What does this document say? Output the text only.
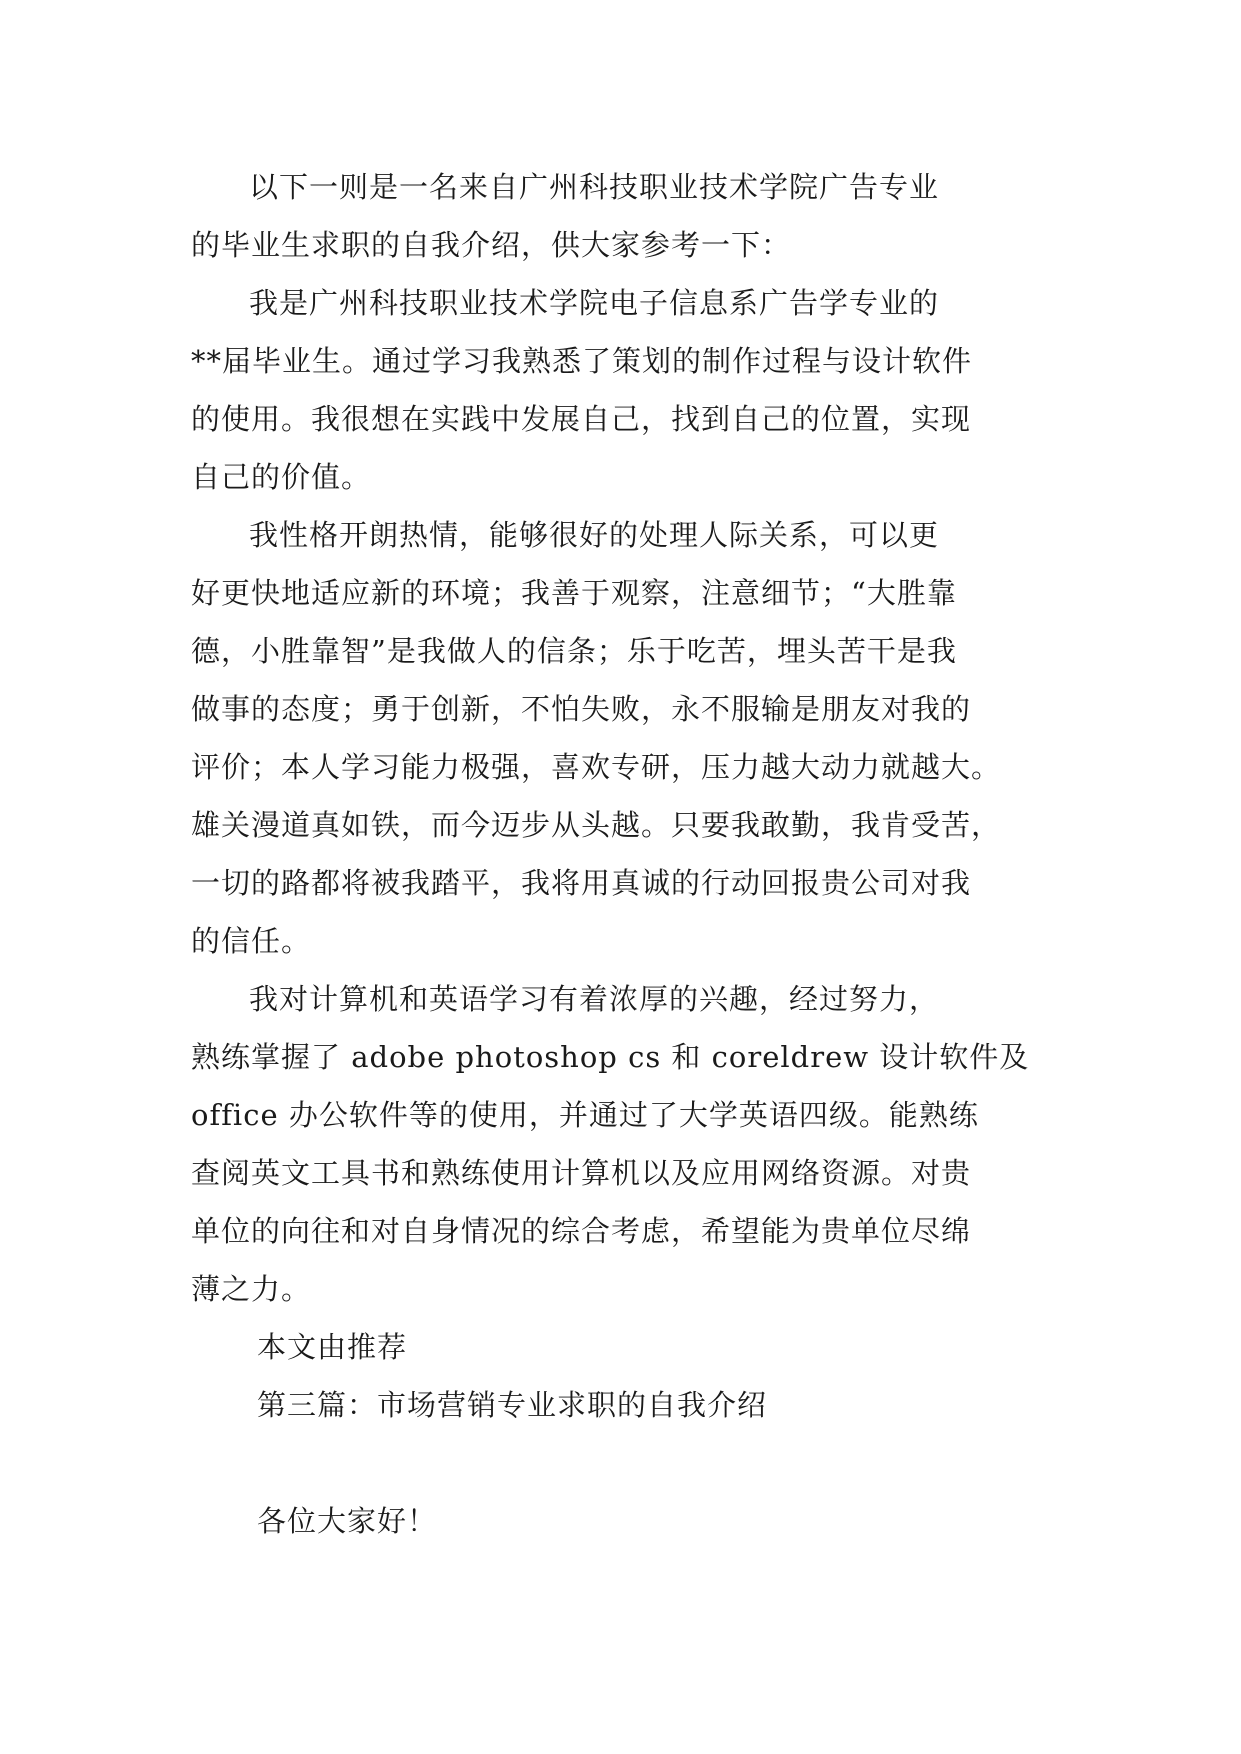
以下一则是一名来自广州科技职业技术学院广告专业

的毕业生求职的自我介绍，供大家参考一下：

我是广州科技职业技术学院电子信息系广告学专业的

**届毕业生。通过学习我熟悉了策划的制作过程与设计软件

的使用。我很想在实践中发展自己，找到自己的位置，实现

自己的价值。

我性格开朗热情，能够很好的处理人际关系，可以更

好更快地适应新的环境；我善于观察，注意细节；“大胜靠

德，小胜靠智”是我做人的信条；乐于吃苦，埋头苦干是我

做事的态度；勇于创新，不怕失败，永不服输是朋友对我的

评价；本人学习能力极强，喜欢专研，压力越大动力就越大。

雄关漫道真如铁，而今迈步从头越。只要我敢勤，我肯受苦，

一切的路都将被我踏平，我将用真诚的行动回报贵公司对我

的信任。

我对计算机和英语学习有着浓厚的兴趣，经过努力，

熟练掌握了 adobe photoshop cs 和 coreldrew 设计软件及

office 办公软件等的使用，并通过了大学英语四级。能熟练

查阅英文工具书和熟练使用计算机以及应用网络资源。对贵

单位的向往和对自身情况的综合考虑，希望能为贵单位尽绵

薄之力。

本文由推荐

第三篇：市场营销专业求职的自我介绍

各位大家好！
